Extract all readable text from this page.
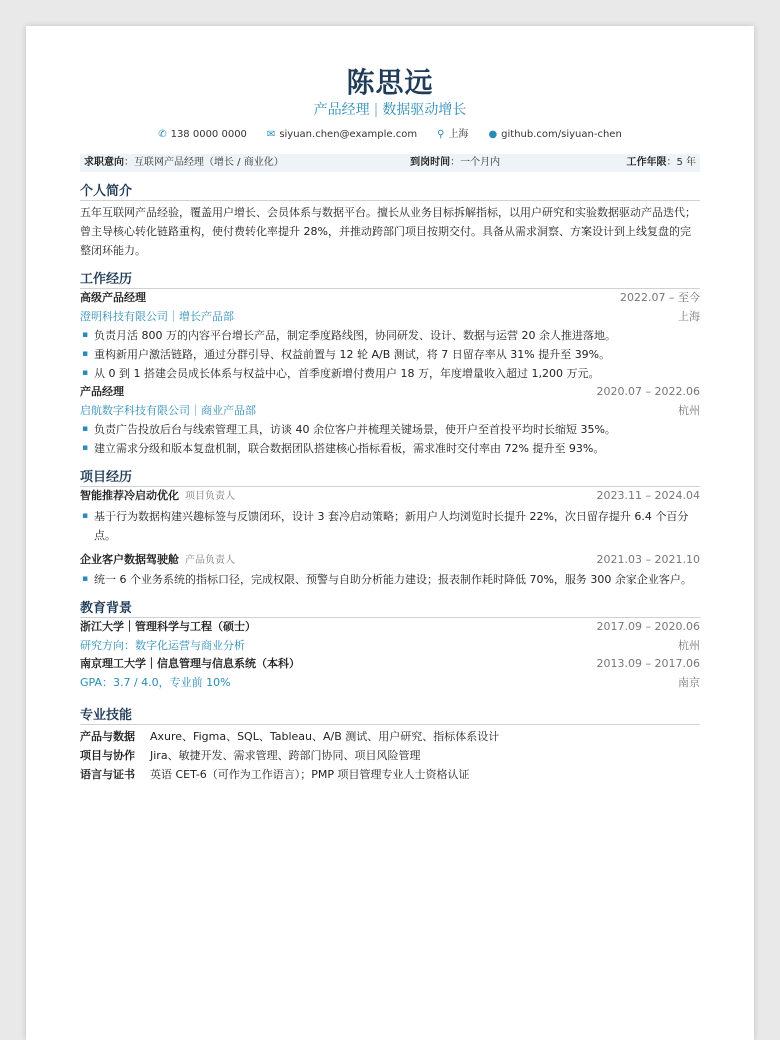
陈思远
产品经理 | 数据驱动增长
✆ 138 0000 0000 ✉ siyuan.chen@example.com ⚲ 上海 ● github.com/siyuan-chen
求职意向：互联网产品经理（增长 / 商业化）	到岗时间：一个月内	工作年限：5 年
个人简介
五年互联网产品经验，覆盖用户增长、会员体系与数据平台。擅长从业务目标拆解指标，以用户研究和实验数据驱动产品迭代；曾主导核心转化链路重构，使付费转化率提升 28%，并推动跨部门项目按期交付。具备从需求洞察、方案设计到上线复盘的完整闭环能力。
工作经历
高级产品经理	2022.07 – 至今
澄明科技有限公司｜增长产品部	上海
▪ 负责月活 800 万的内容平台增长产品，制定季度路线图，协同研发、设计、数据与运营 20 余人推进落地。
▪ 重构新用户激活链路，通过分群引导、权益前置与 12 轮 A/B 测试，将 7 日留存率从 31% 提升至 39%。
▪ 从 0 到 1 搭建会员成长体系与权益中心，首季度新增付费用户 18 万，年度增量收入超过 1,200 万元。
产品经理	2020.07 – 2022.06
启航数字科技有限公司｜商业产品部	杭州
▪ 负责广告投放后台与线索管理工具，访谈 40 余位客户并梳理关键场景，使开户至首投平均时长缩短 35%。
▪ 建立需求分级和版本复盘机制，联合数据团队搭建核心指标看板，需求准时交付率由 72% 提升至 93%。
项目经历
智能推荐冷启动优化 项目负责人	2023.11 – 2024.04
▪ 基于行为数据构建兴趣标签与反馈闭环，设计 3 套冷启动策略；新用户人均浏览时长提升 22%，次日留存提升 6.4 个百分点。
企业客户数据驾驶舱 产品负责人	2021.03 – 2021.10
▪ 统一 6 个业务系统的指标口径，完成权限、预警与自助分析能力建设；报表制作耗时降低 70%，服务 300 余家企业客户。
教育背景
浙江大学｜管理科学与工程（硕士）	2017.09 – 2020.06
研究方向：数字化运营与商业分析	杭州
南京理工大学｜信息管理与信息系统（本科）	2013.09 – 2017.06
GPA：3.7 / 4.0，专业前 10%	南京
专业技能
产品与数据	Axure、Figma、SQL、Tableau、A/B 测试、用户研究、指标体系设计
项目与协作	Jira、敏捷开发、需求管理、跨部门协同、项目风险管理
语言与证书	英语 CET-6（可作为工作语言）；PMP 项目管理专业人士资格认证
